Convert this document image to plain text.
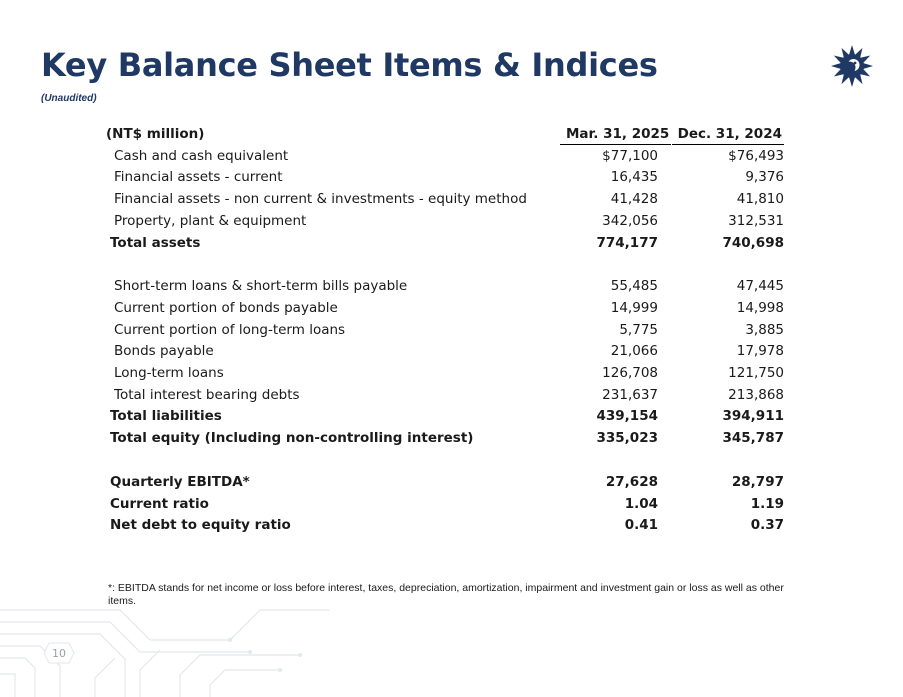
Key Balance Sheet Items & Indices
(Unaudited)
(NT$ million)	Mar. 31, 2025	Dec. 31, 2024
Cash and cash equivalent	$77,100	$76,493
Financial assets - current	16,435	9,376
Financial assets - non current & investments - equity method	41,428	41,810
Property, plant & equipment	342,056	312,531
Total assets	774,177	740,698

Short-term loans & short-term bills payable	55,485	47,445
Current portion of bonds payable	14,999	14,998
Current portion of long-term loans	5,775	3,885
Bonds payable	21,066	17,978
Long-term loans	126,708	121,750
Total interest bearing debts	231,637	213,868
Total liabilities	439,154	394,911
Total equity (Including non-controlling interest)	335,023	345,787

Quarterly EBITDA*	27,628	28,797
Current ratio	1.04	1.19
Net debt to equity ratio	0.41	0.37
*: EBITDA stands for net income or loss before interest, taxes, depreciation, amortization, impairment and investment gain or loss as well as other items.
10
